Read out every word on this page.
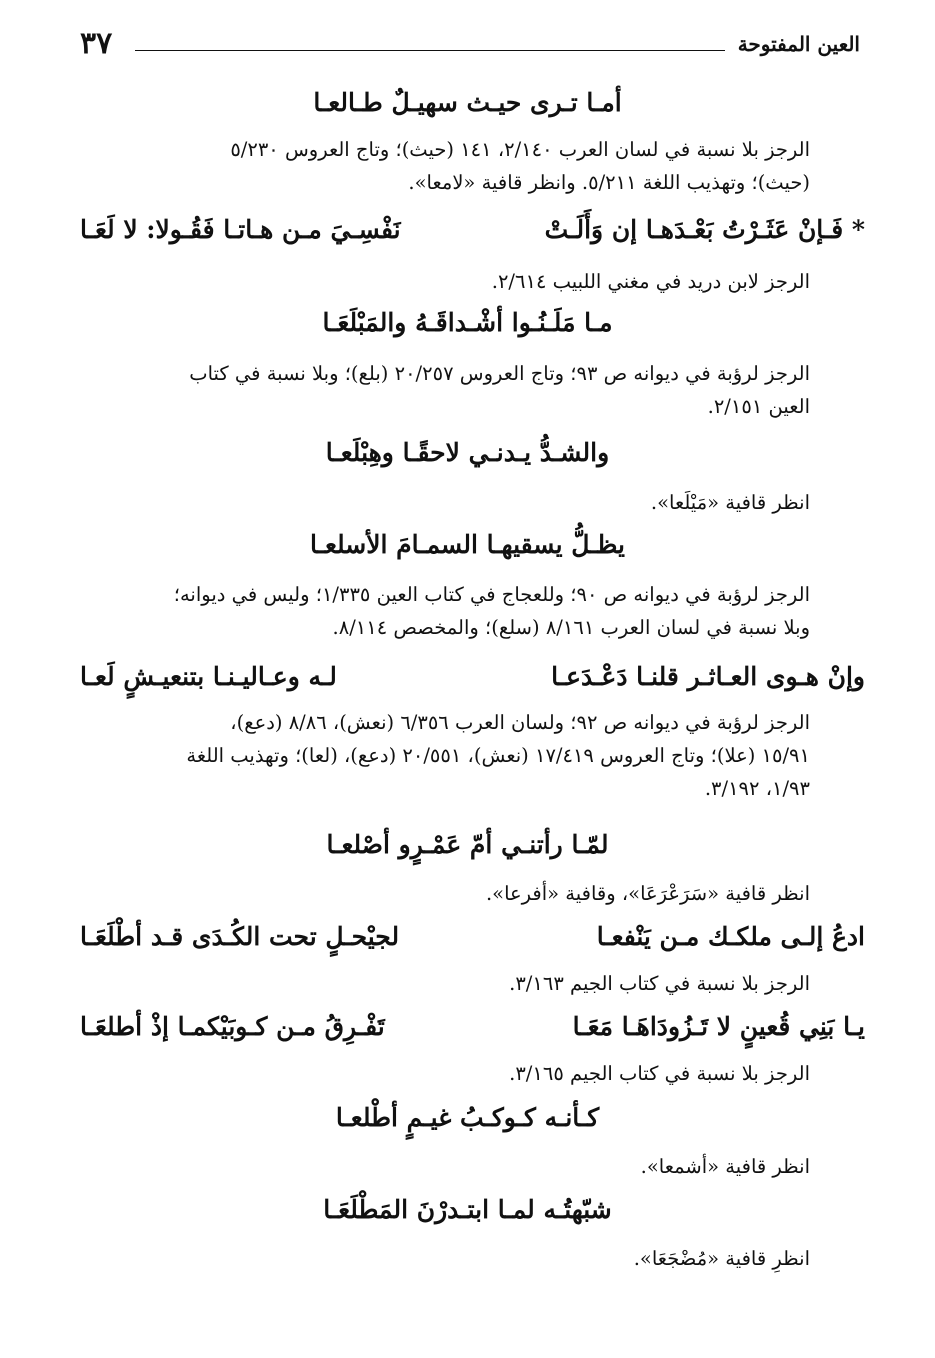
العين المفتوحة
٣٧
أمـا تـرى حيـث سهيـلٌ طـالعـا
الرجز بلا نسبة في لسان العرب ٢/١٤٠، ١٤١ (حيث)؛ وتاج العروس ٥/٢٣٠
(حيث)؛ وتهذيب اللغة ٥/٢١١. وانظر قافية «لامعا».
* فَـإنْ عَثَـرْتُ بَعْـدَهـا إن وَأَلَـتْ
نَفْسِـيَ مـن هـاتـا فَقُـولا: لا لَعَـا
الرجز لابن دريد في مغني اللبيب ٢/٦١٤.
مـا مَلَـنُـوا أشْـداقَـهُ والمَبْلَعَـا
الرجز لرؤبة في ديوانه ص ٩٣؛ وتاج العروس ٢٠/٢٥٧ (بلع)؛ وبلا نسبة في كتاب
العين ٢/١٥١.
والشـدُّ يـدنـي لاحقًـا وهِبْلَعـا
انظر قافية «مَيْلَعا».
يظـلُّ يسقيهـا السمـامَ الأسلعـا
الرجز لرؤبة في ديوانه ص ٩٠؛ وللعجاج في كتاب العين ١/٣٣٥؛ وليس في ديوانه؛
وبلا نسبة في لسان العرب ٨/١٦١ (سلع)؛ والمخصص ٨/١١٤.
وإنْ هـوى العـاثـر قلنـا دَعْـدَعـا
لـه وعـاليـنـا بتنعيـشٍ لَعـا
الرجز لرؤبة في ديوانه ص ٩٢؛ ولسان العرب ٦/٣٥٦ (نعش)، ٨/٨٦ (دعع)،
١٥/٩١ (علا)؛ وتاج العروس ١٧/٤١٩ (نعش)، ٢٠/٥٥١ (دعع)، (لعا)؛ وتهذيب اللغة
١/٩٣، ٣/١٩٢.
لمّـا رأتنـي أمّ عَمْـرٍو أصْلعـا
انظر قافية «سَرَعْرَعَا»، وقافية «أفرعا».
ادعُ إلـى ملكـك مـن يَنْفعـا
لجيْحـلٍ تحت الكُـدَى قـد أطْلَعَـا
الرجز بلا نسبة في كتاب الجيم ٣/١٦٣.
يـا بَنِي قُعينٍ لا تَـزُودَاهَـا مَعَـا
تَفْـرِقُ مـن كـوبَيْكمـا إذْ أطلعَـا
الرجز بلا نسبة في كتاب الجيم ٣/١٦٥.
كـأنـه كـوكـبُ غيـمٍ أطْلعـا
انظر قافية «أشمعا».
شبّهتُـه لمـا ابتـدرْنَ المَطْلَعَـا
انظرِ قافية «مُضْجَعَا».
